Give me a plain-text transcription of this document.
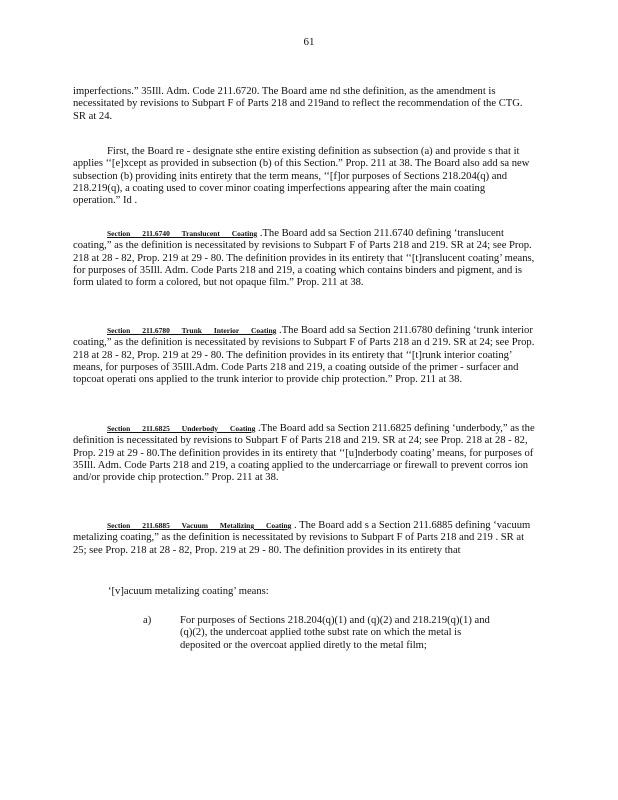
61

imperfections.” 35Ill. Adm. Code 211.6720. The Board ame nd sthe definition, as the amendment is necessitated by revisions to Subpart F of Parts 218 and 219and to reflect the recommendation of the CTG. SR at 24.

First, the Board re - designate sthe entire existing definition as subsection (a) and provide s that it applies ‘‘[e]xcept as provided in subsection (b) of this Section.” Prop. 211 at 38. The Board also add sa new subsection (b) providing inits entirety that the term means, ‘‘[f]or purposes of Sections 218.204(q) and 218.219(q), a coating used to cover minor coating imperfections appearing after the main coating operation.” Id .

Section 211.6740 Translucent Coating .The Board add sa Section 211.6740 defining ‘translucent coating,” as the definition is necessitated by revisions to Subpart F of Parts 218 and 219. SR at 24; see Prop. 218 at 28 - 82, Prop. 219 at 29 - 80. The definition provides in its entirety that ‘‘[t]ranslucent coating’ means, for purposes of 35Ill. Adm. Code Parts 218 and 219, a coating which contains binders and pigment, and is form ulated to form a colored, but not opaque film.” Prop. 211 at 38.

Section 211.6780 Trunk Interior Coating .The Board add sa Section 211.6780 defining ‘trunk interior coating,” as the definition is necessitated by revisions to Subpart F of Parts 218 an d 219. SR at 24; see Prop. 218 at 28 - 82, Prop. 219 at 29 - 80. The definition provides in its entirety that ‘‘[t]runk interior coating’ means, for purposes of 35Ill.Adm. Code Parts 218 and 219, a coating outside of the primer - surfacer and topcoat operati ons applied to the trunk interior to provide chip protection.” Prop. 211 at 38.

Section 211.6825 Underbody Coating .The Board add sa Section 211.6825 defining ‘underbody,” as the definition is necessitated by revisions to Subpart F of Parts 218 and 219. SR at 24; see Prop. 218 at 28 - 82, Prop. 219 at 29 - 80.The definition provides in its entirety that ‘‘[u]nderbody coating’ means, for purposes of 35Ill. Adm. Code Parts 218 and 219, a coating applied to the undercarriage or firewall to prevent corros ion and/or provide chip protection.” Prop. 211 at 38.

Section 211.6885 Vacuum Metalizing Coating . The Board add s a Section 211.6885 defining ‘vacuum metalizing coating,” as the definition is necessitated by revisions to Subpart F of Parts 218 and 219 . SR at 25; see Prop. 218 at 28 - 82, Prop. 219 at 29 - 80. The definition provides in its entirety that

‘[v]acuum metalizing coating’ means:

a)	For purposes of Sections 218.204(q)(1) and (q)(2) and 218.219(q)(1) and (q)(2), the undercoat applied tothe subst rate on which the metal is deposited or the overcoat applied diretly to the metal film;
